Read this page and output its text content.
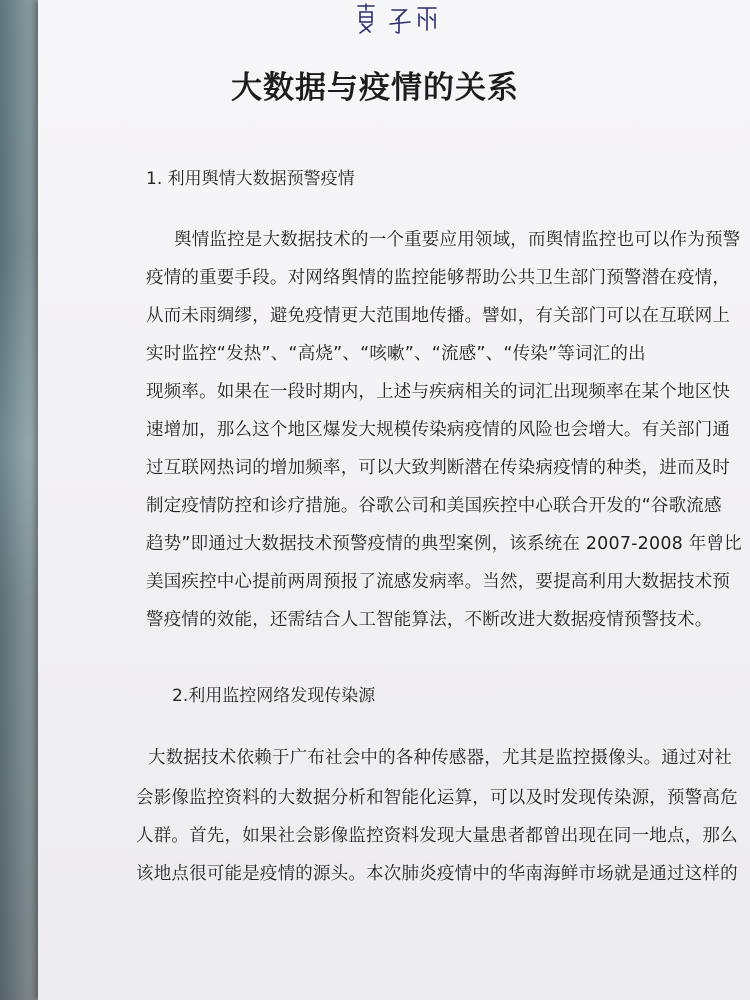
大数据与疫情的关系
1. 利用舆情大数据预警疫情
舆情监控是大数据技术的一个重要应用领域，而舆情监控也可以作为预警
疫情的重要手段。对网络舆情的监控能够帮助公共卫生部门预警潜在疫情，
从而未雨绸缪，避免疫情更大范围地传播。譬如，有关部门可以在互联网上
实时监控“发热”、“高烧”、“咳嗽”、“流感”、“传染”等词汇的出
现频率。如果在一段时期内，上述与疾病相关的词汇出现频率在某个地区快
速增加，那么这个地区爆发大规模传染病疫情的风险也会增大。有关部门通
过互联网热词的增加频率，可以大致判断潜在传染病疫情的种类，进而及时
制定疫情防控和诊疗措施。谷歌公司和美国疾控中心联合开发的“谷歌流感
趋势”即通过大数据技术预警疫情的典型案例，该系统在 2007-2008 年曾比
美国疾控中心提前两周预报了流感发病率。当然，要提高利用大数据技术预
警疫情的效能，还需结合人工智能算法，不断改进大数据疫情预警技术。
2.利用监控网络发现传染源
大数据技术依赖于广布社会中的各种传感器，尤其是监控摄像头。通过对社
会影像监控资料的大数据分析和智能化运算，可以及时发现传染源，预警高危
人群。首先，如果社会影像监控资料发现大量患者都曾出现在同一地点，那么
该地点很可能是疫情的源头。本次肺炎疫情中的华南海鲜市场就是通过这样的
